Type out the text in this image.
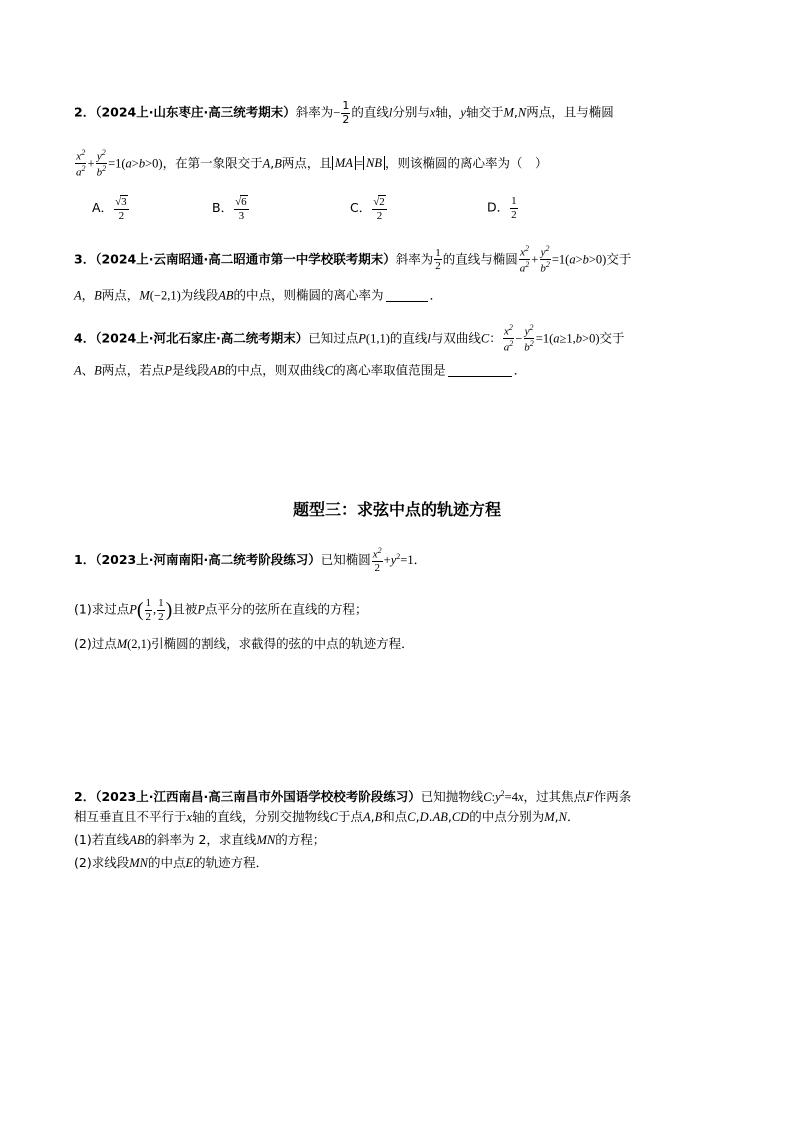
2．（2024上·山东枣庄·高三统考期末）斜率为− $\frac{1}{2}$ 的直线l分别与x轴，y轴交于M,N两点，且与椭圆
$\frac{x^2}{a^2} + \frac{y^2}{b^2} =1(a>b>0)$，在第一象限交于A,B两点，且 MA = NB ，则该椭圆的离心率为（　）
A． $\frac{√3}{2}$	B． $\frac{√6}{3}$	C． $\frac{√2}{2}$	D． $\frac{1}{2}$
3．（2024上·云南昭通·高二昭通市第一中学校联考期末）斜率为 $\frac{1}{2}$ 的直线与椭圆 $\frac{x^2}{a^2} + \frac{y^2}{b^2} =1(a>b>0)$交于
A，B两点，M(−2,1)为线段AB的中点，则椭圆的离心率为	．
4．（2024上·河北石家庄·高二统考期末）已知过点P(1,1)的直线l与双曲线C： $\frac{x^2}{a^2} - \frac{y^2}{b^2} =1(a\ge 1,b>0)$交于
A、B两点，若点P是线段AB的中点，则双曲线C的离心率取值范围是	．
题型三：求弦中点的轨迹方程
1．（2023上·河南南阳·高二统考阶段练习）已知椭圆 $\frac{x^2}{2} +y^2=1$．
(1)求过点$P( \frac{1}{2}$ , $\frac{1}{2}$ )且被P点平分的弦所在直线的方程；
(2)过点M(2,1)引椭圆的割线，求截得的弦的中点的轨迹方程．
2．（2023上·江西南昌·高三南昌市外国语学校校考阶段练习）已知抛物线$C:y^2=4x$，过其焦点F作两条
相互垂直且不平行于x轴的直线，分别交抛物线C于点A,B和点C,D.AB,CD的中点分别为M,N．
(1)若直线AB的斜率为 2，求直线MN的方程；
(2)求线段MN的中点E的轨迹方程．
